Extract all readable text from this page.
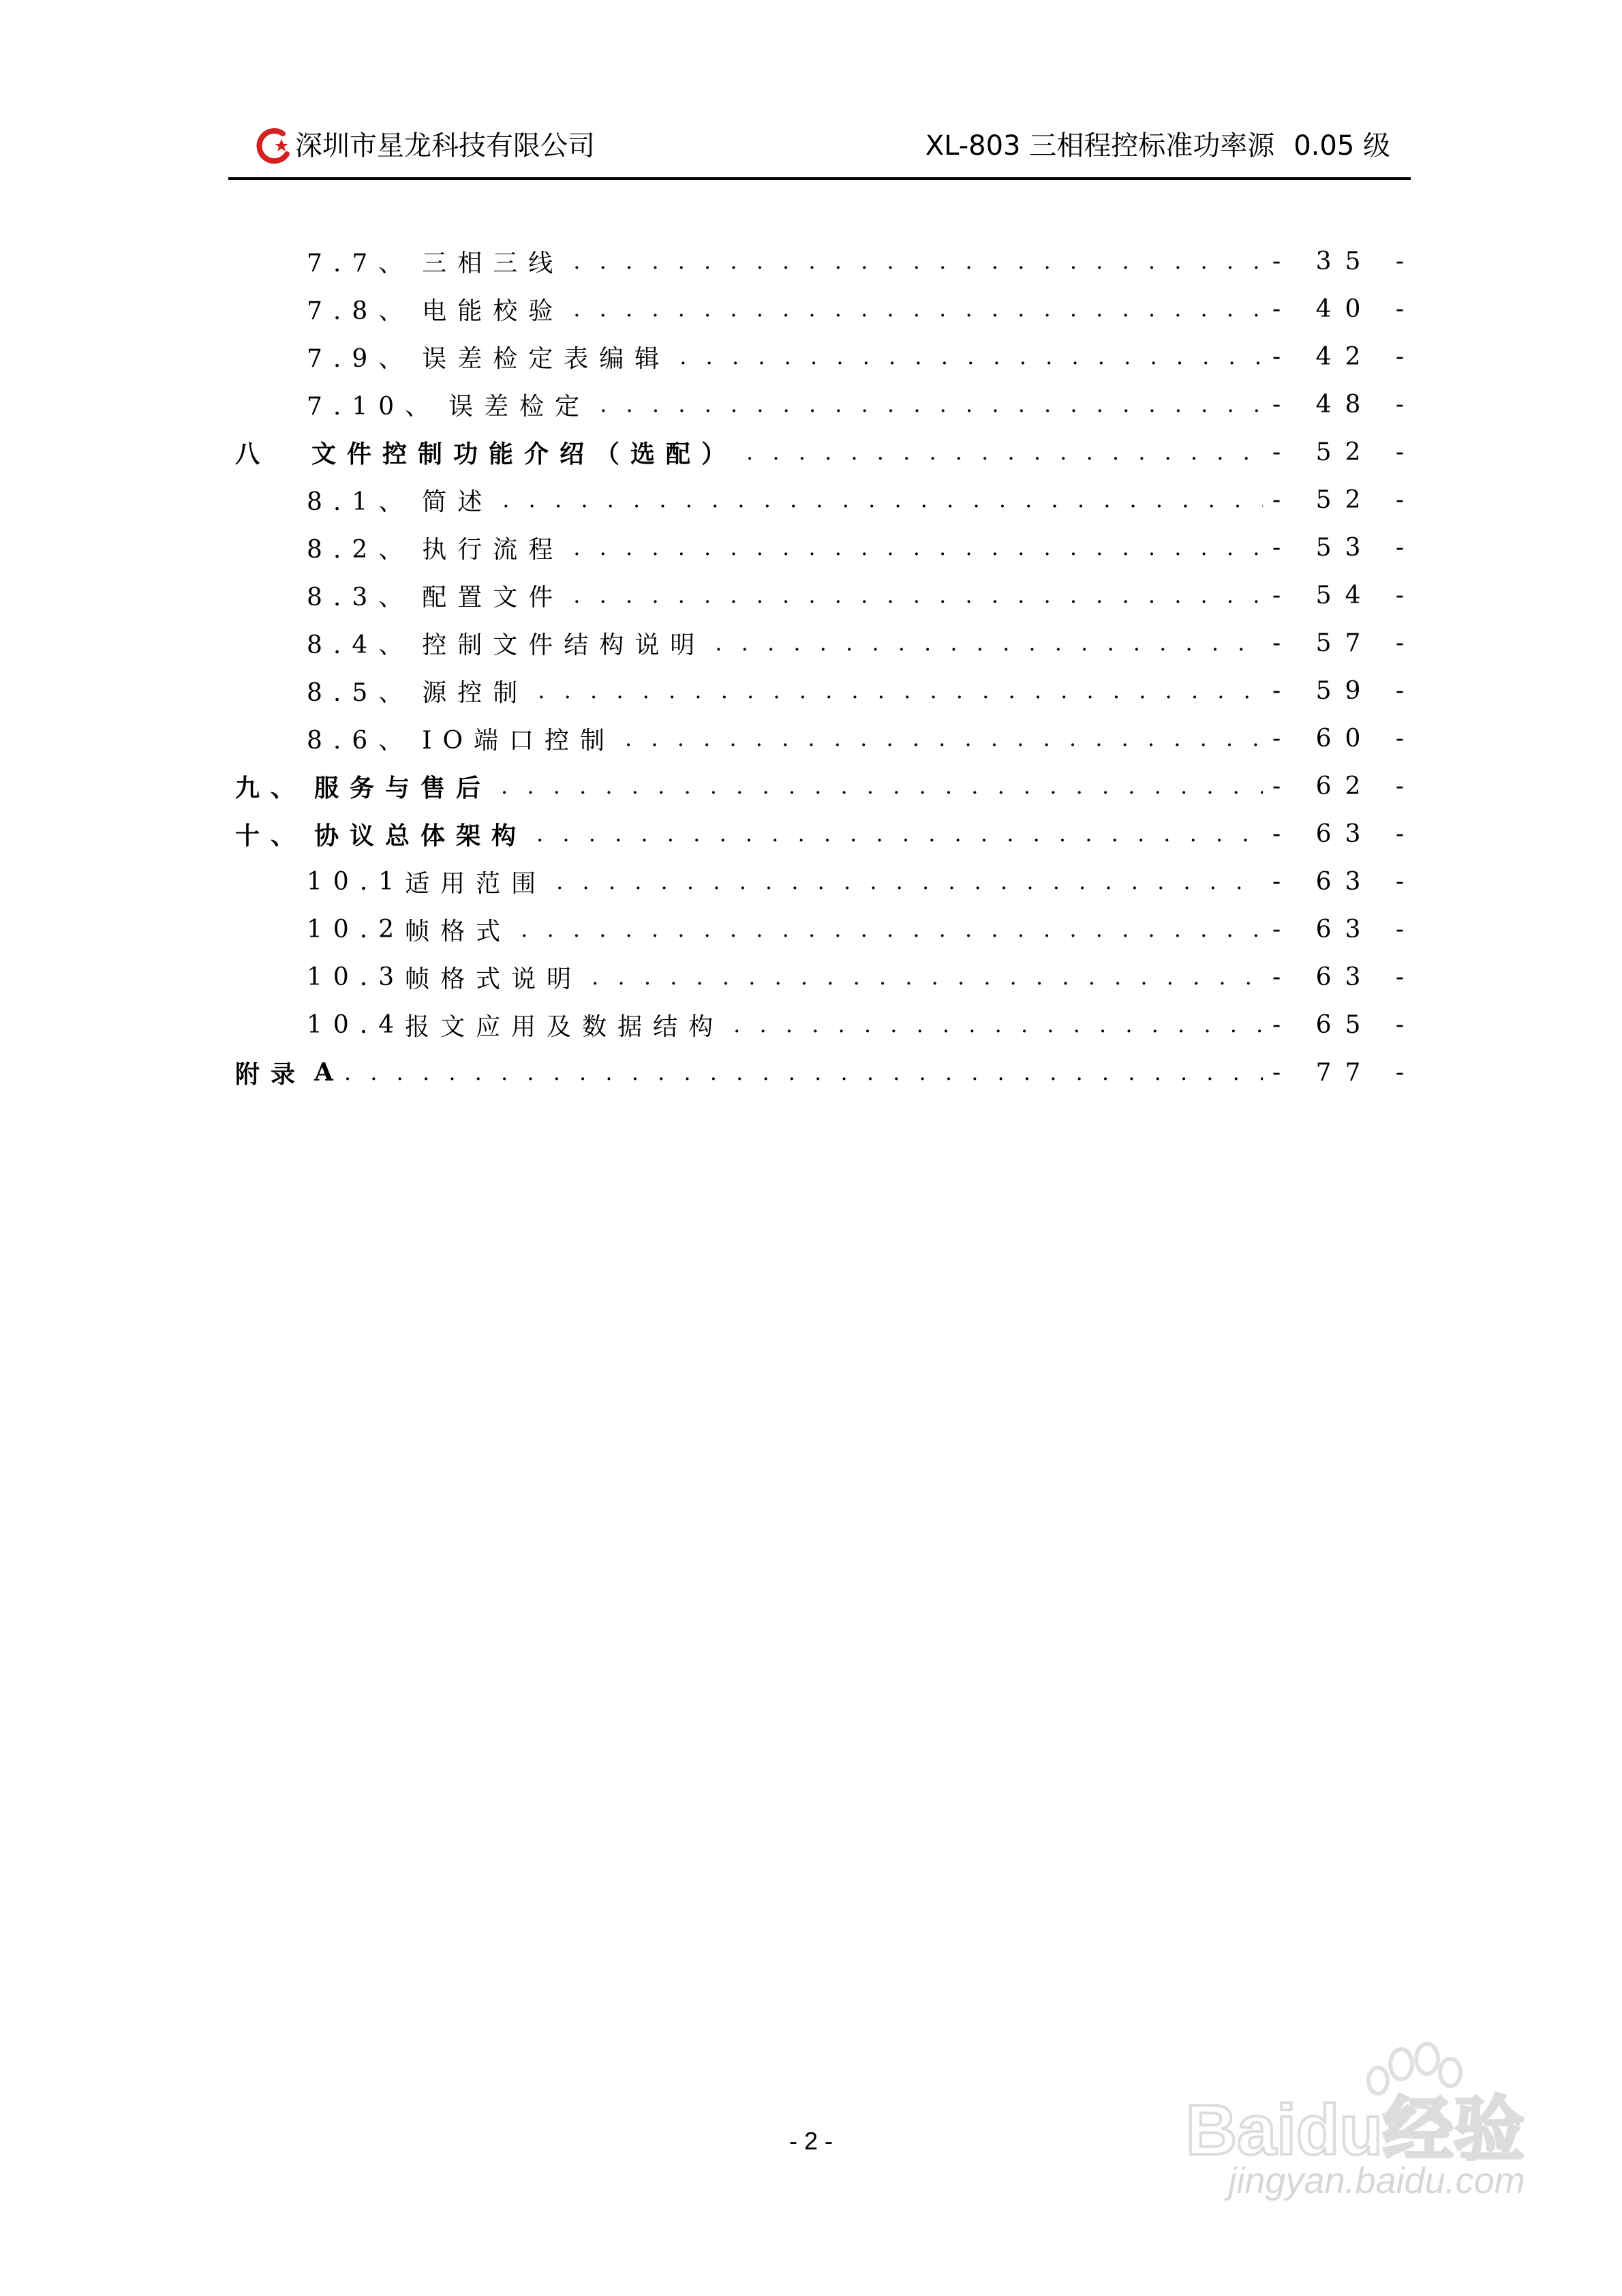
深圳市星龙科技有限公司	XL-803 三相程控标准功率源 0.05 级
7.7、 三相三线 . . .	- 35 -
7.8、 电能校验 . . .	- 40 -
7.9、 误差检定表编辑 . . .	- 42 -
7.10、 误差检定 . . .	- 48 -
八 文件控制功能介绍（选配） . . .	- 52 -
8.1、 简述 . . .	- 52 -
8.2、 执行流程 . . .	- 53 -
8.3、 配置文件 . . .	- 54 -
8.4、 控制文件结构说明 . . .	- 57 -
8.5、 源控制 . . .	- 59 -
8.6、 IO端口控制 . . .	- 60 -
九、 服务与售后 . . .	- 62 -
十、 协议总体架构 . . .	- 63 -
10.1 适用范围 . . .	- 63 -
10.2 帧格式 . . .	- 63 -
10.3 帧格式说明 . . .	- 63 -
10.4 报文应用及数据结构 . . .	- 65 -
附录 A . . .	- 77 -
- 2 -	Baidu经验
jingyan.baidu.com
